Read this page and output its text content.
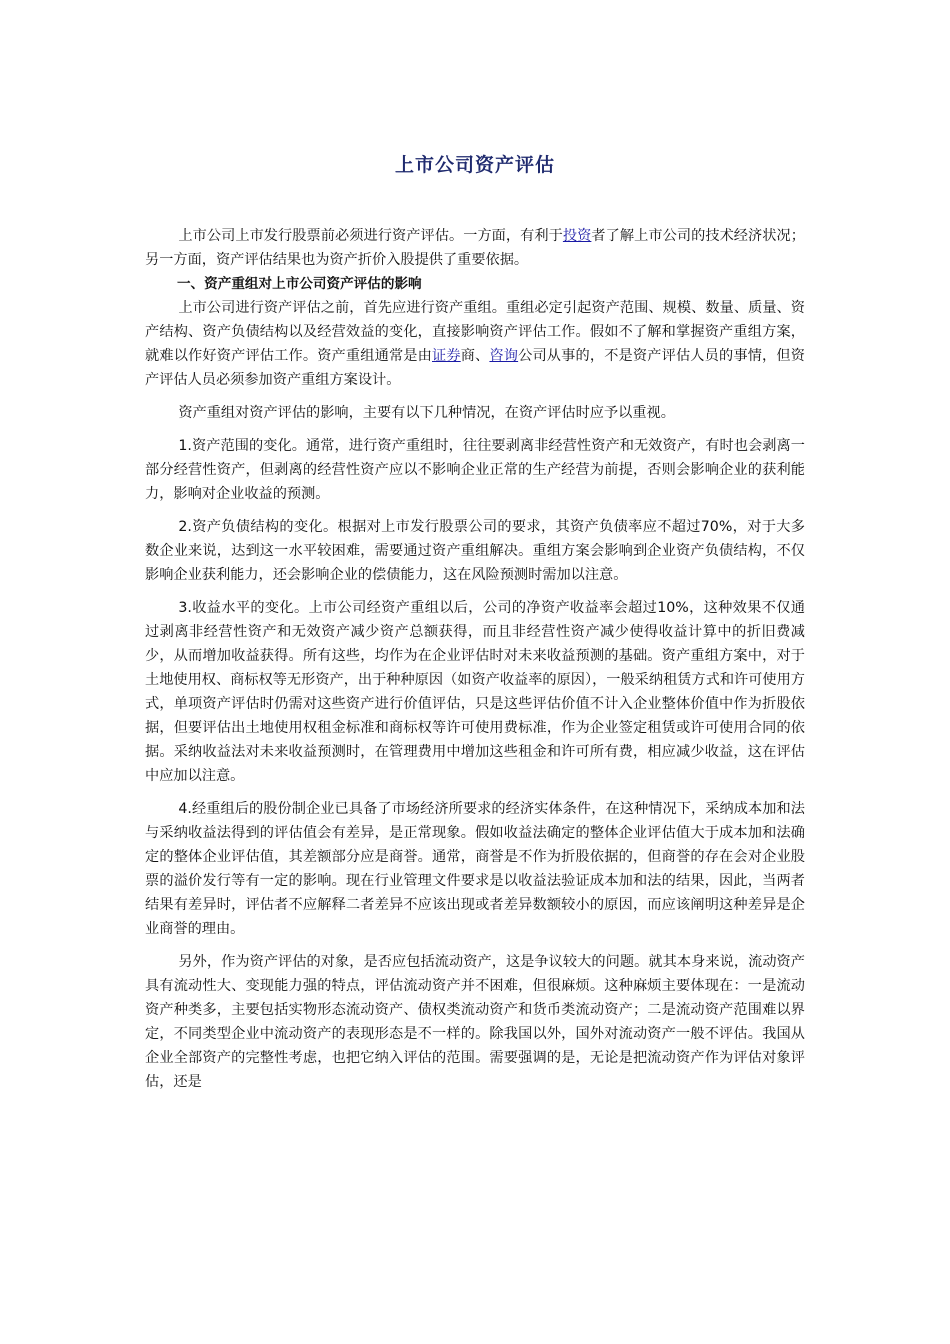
上市公司资产评估

上市公司上市发行股票前必须进行资产评估。一方面，有利于投资者了解上市公司的技术经济状况；另一方面，资产评估结果也为资产折价入股提供了重要依据。

一、资产重组对上市公司资产评估的影响

上市公司进行资产评估之前，首先应进行资产重组。重组必定引起资产范围、规模、数量、质量、资产结构、资产负债结构以及经营效益的变化，直接影响资产评估工作。假如不了解和掌握资产重组方案，就难以作好资产评估工作。资产重组通常是由证券商、咨询公司从事的，不是资产评估人员的事情，但资产评估人员必须参加资产重组方案设计。

资产重组对资产评估的影响，主要有以下几种情况，在资产评估时应予以重视。

1.资产范围的变化。通常，进行资产重组时，往往要剥离非经营性资产和无效资产，有时也会剥离一部分经营性资产，但剥离的经营性资产应以不影响企业正常的生产经营为前提，否则会影响企业的获利能力，影响对企业收益的预测。

2.资产负债结构的变化。根据对上市发行股票公司的要求，其资产负债率应不超过70%，对于大多数企业来说，达到这一水平较困难，需要通过资产重组解决。重组方案会影响到企业资产负债结构，不仅影响企业获利能力，还会影响企业的偿债能力，这在风险预测时需加以注意。

3.收益水平的变化。上市公司经资产重组以后，公司的净资产收益率会超过10%，这种效果不仅通过剥离非经营性资产和无效资产减少资产总额获得，而且非经营性资产减少使得收益计算中的折旧费减少，从而增加收益获得。所有这些，均作为在企业评估时对未来收益预测的基础。资产重组方案中，对于土地使用权、商标权等无形资产，出于种种原因（如资产收益率的原因），一般采纳租赁方式和许可使用方式，单项资产评估时仍需对这些资产进行价值评估，只是这些评估价值不计入企业整体价值中作为折股依据，但要评估出土地使用权租金标准和商标权等许可使用费标准，作为企业签定租赁或许可使用合同的依据。采纳收益法对未来收益预测时，在管理费用中增加这些租金和许可所有费，相应减少收益，这在评估中应加以注意。

4.经重组后的股份制企业已具备了市场经济所要求的经济实体条件，在这种情况下，采纳成本加和法与采纳收益法得到的评估值会有差异，是正常现象。假如收益法确定的整体企业评估值大于成本加和法确定的整体企业评估值，其差额部分应是商誉。通常，商誉是不作为折股依据的，但商誉的存在会对企业股票的溢价发行等有一定的影响。现在行业管理文件要求是以收益法验证成本加和法的结果，因此，当两者结果有差异时，评估者不应解释二者差异不应该出现或者差异数额较小的原因，而应该阐明这种差异是企业商誉的理由。

另外，作为资产评估的对象，是否应包括流动资产，这是争议较大的问题。就其本身来说，流动资产具有流动性大、变现能力强的特点，评估流动资产并不困难，但很麻烦。这种麻烦主要体现在：一是流动资产种类多，主要包括实物形态流动资产、债权类流动资产和货币类流动资产；二是流动资产范围难以界定，不同类型企业中流动资产的表现形态是不一样的。除我国以外，国外对流动资产一般不评估。我国从企业全部资产的完整性考虑，也把它纳入评估的范围。需要强调的是，无论是把流动资产作为评估对象评估，还是
